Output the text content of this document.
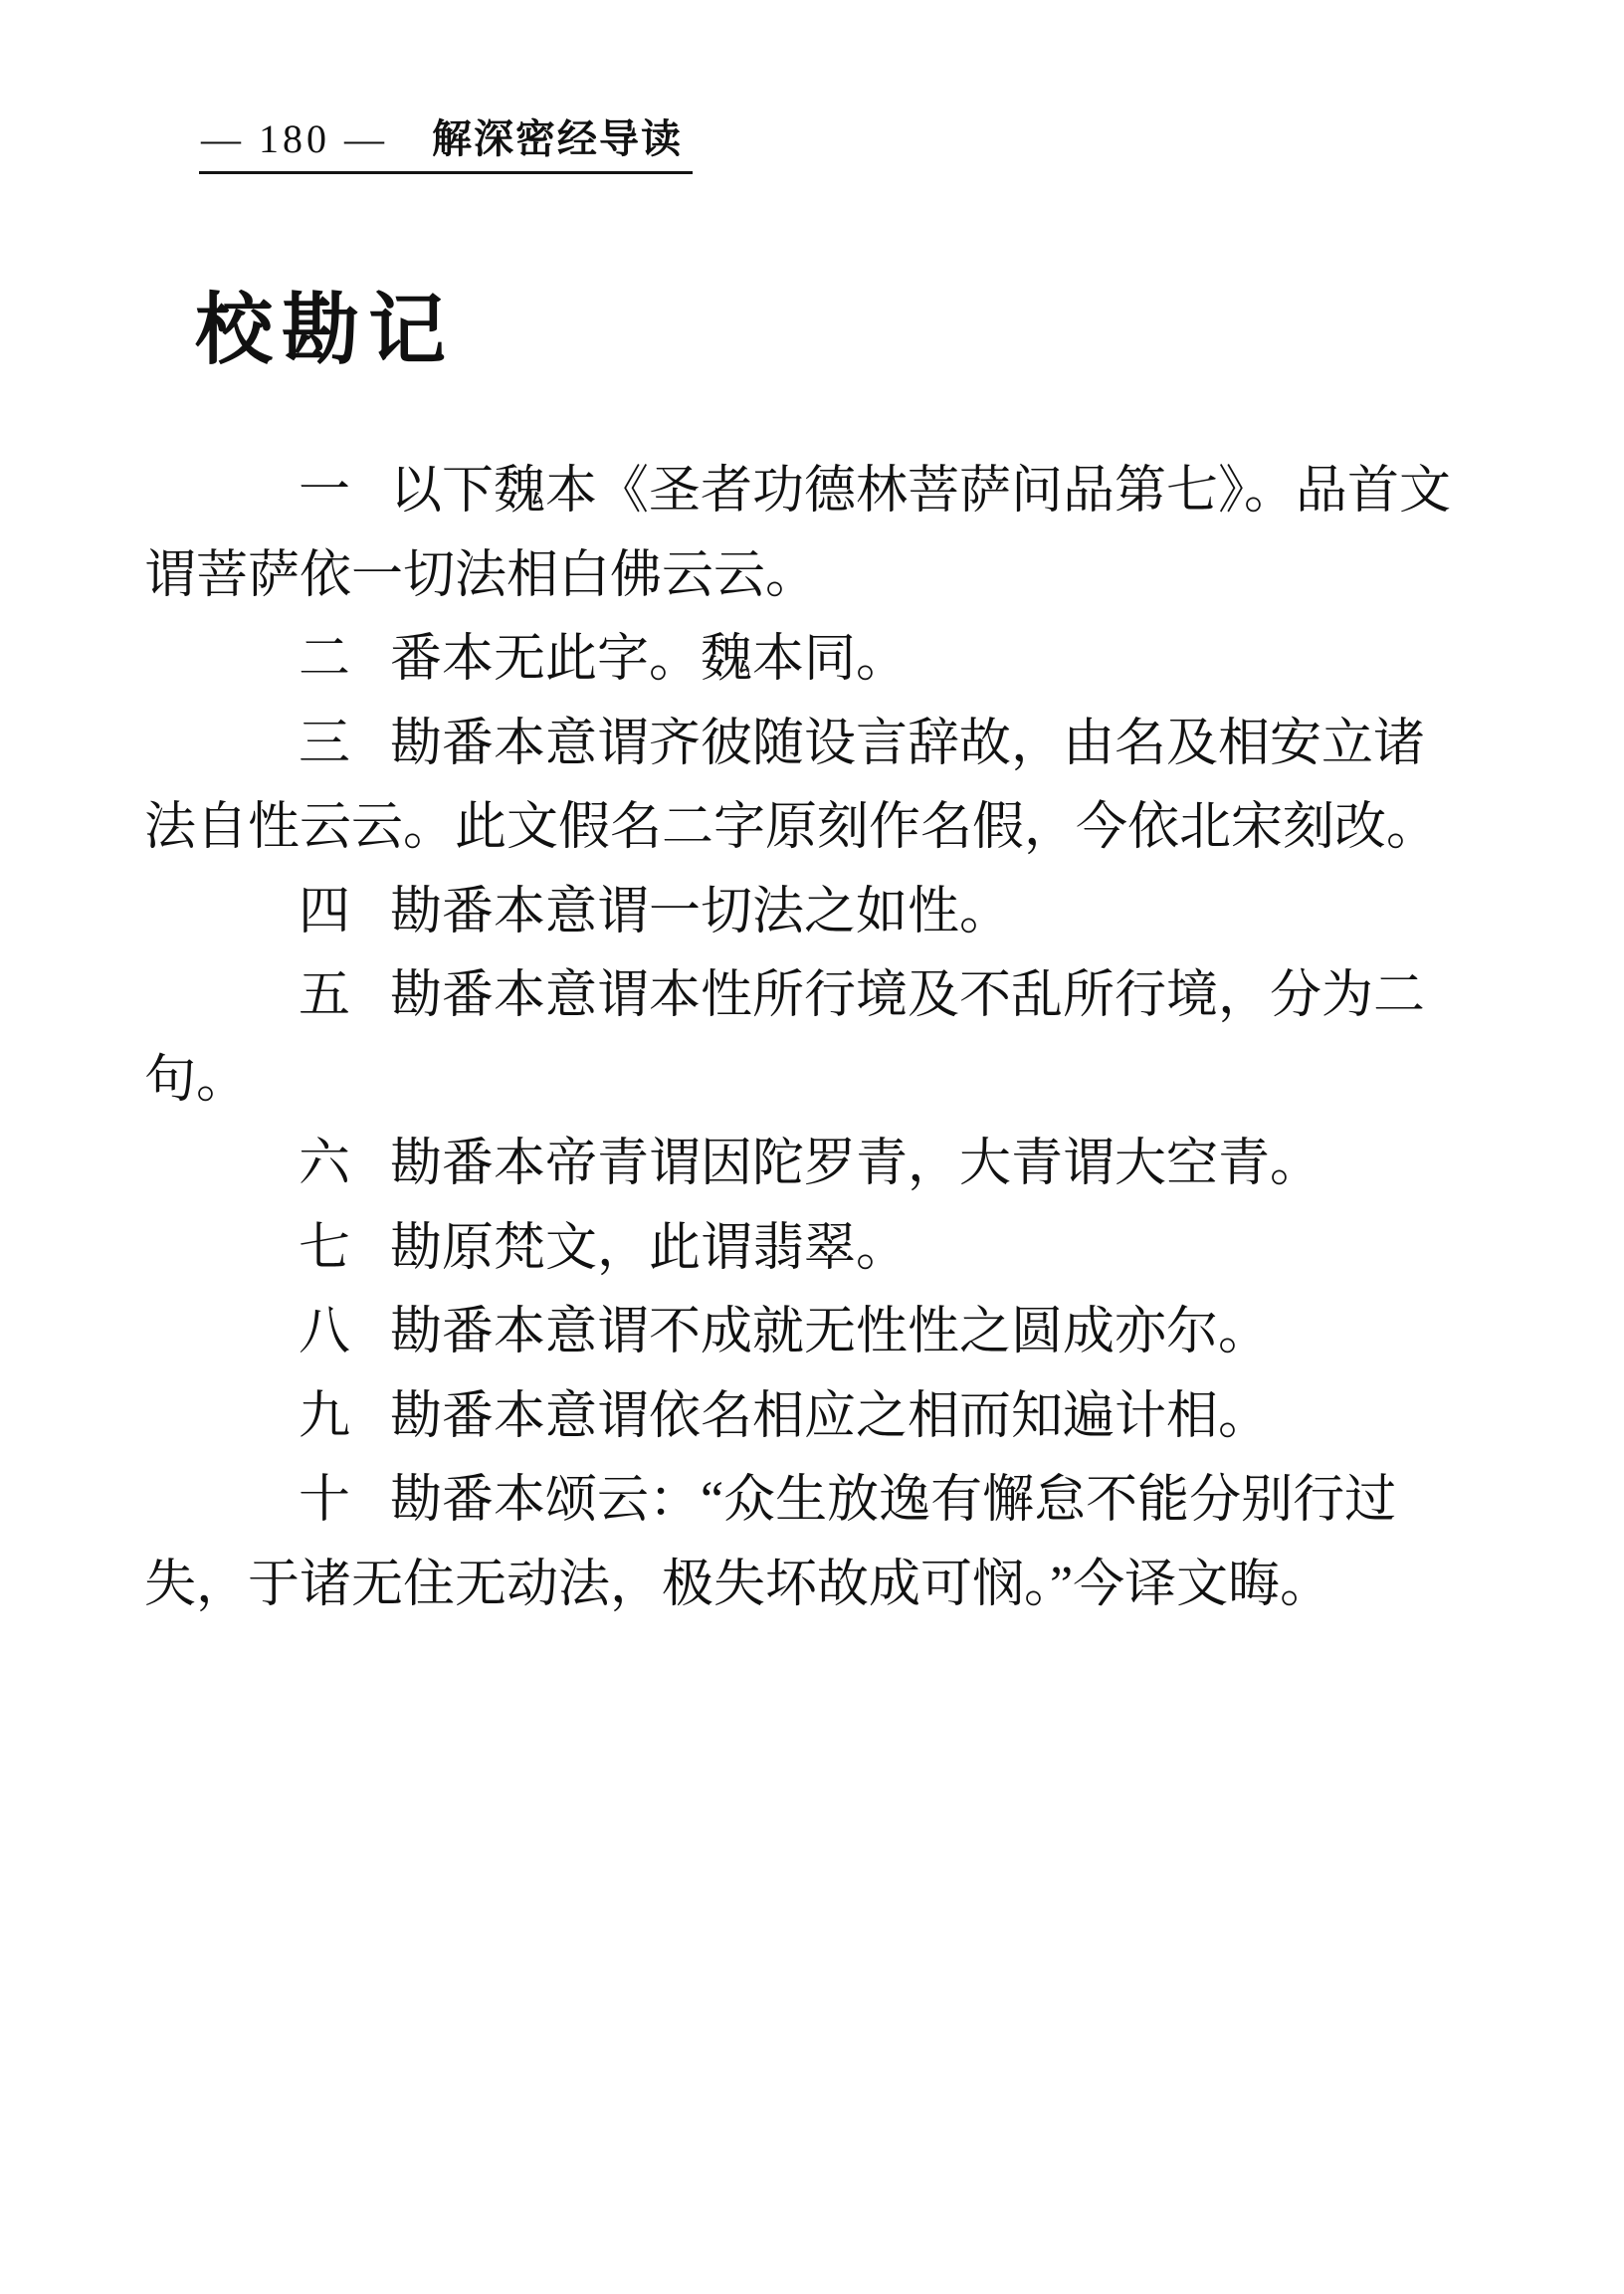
— 180 — 解深密经导读
校勘记
一 以下魏本《圣者功德林菩萨问品第七》。品首文
谓菩萨依一切法相白佛云云。
二 番本无此字。魏本同。
三 勘番本意谓齐彼随设言辞故，由名及相安立诸
法自性云云。此文假名二字原刻作名假，今依北宋刻改。
四 勘番本意谓一切法之如性。
五 勘番本意谓本性所行境及不乱所行境，分为二
句。
六 勘番本帝青谓因陀罗青，大青谓大空青。
七 勘原梵文，此谓翡翠。
八 勘番本意谓不成就无性性之圆成亦尔。
九 勘番本意谓依名相应之相而知遍计相。
十 勘番本颂云：“众生放逸有懈怠不能分别行过
失，于诸无住无动法，极失坏故成可悯。”今译文晦。
